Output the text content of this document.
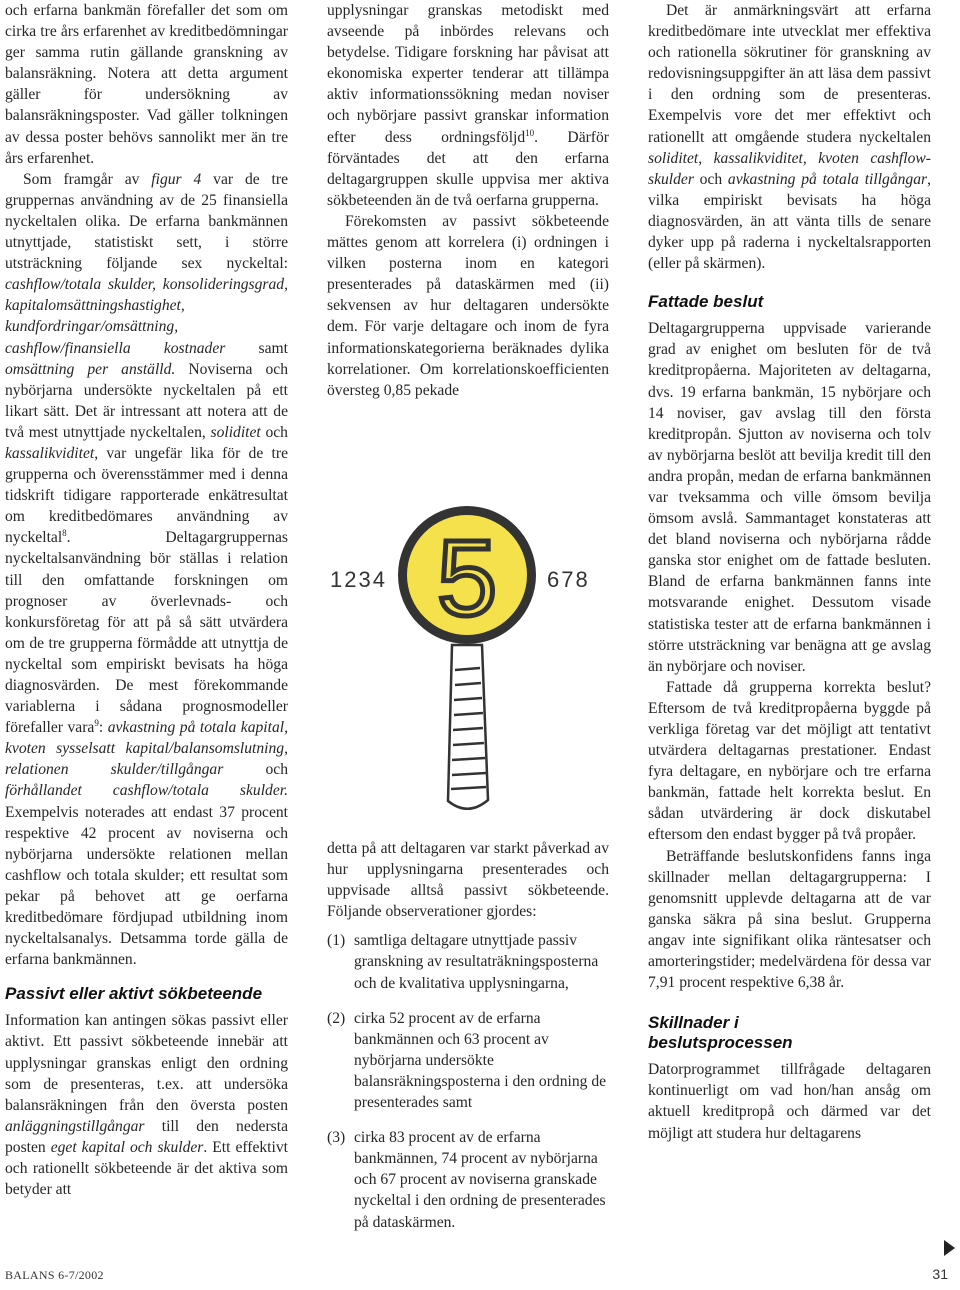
och erfarna bankmän förefaller det som om cirka tre års erfarenhet av kreditbedömningar ger samma rutin gällande granskning av balansräkning. Notera att detta argument gäller för undersökning av balansräkningsposter. Vad gäller tolkningen av dessa poster behövs sannolikt mer än tre års erfarenhet.

Som framgår av figur 4 var de tre gruppernas användning av de 25 finansiella nyckeltalen olika. De erfarna bankmännen utnyttjade, statistiskt sett, i större utsträckning följande sex nyckeltal: cashflow/totala skulder, konsolideringsgrad, kapitalomsättningshastighet, kundfordringar/omsättning, cashflow/finansiella kostnader samt omsättning per anställd. Noviserna och nybörjarna undersökte nyckeltalen på ett likart sätt. Det är intressant att notera att de två mest utnyttjade nyckeltalen, soliditet och kassalikviditet, var ungefär lika för de tre grupperna och överensstämmer med i denna tidskrift tidigare rapporterade enkätresultat om kreditbedömares användning av nyckeltal$^8$. Deltagargruppernas nyckeltalsanvändning bör ställas i relation till den omfattande forskningen om prognoser av överlevnads- och konkursföretag för att på så sätt utvärdera om de tre grupperna förmådde att utnyttja de nyckeltal som empiriskt bevisats ha höga diagnosvärden. De mest förekommande variablerna i sådana prognosmodeller förefaller vara$^9$: avkastning på totala kapital, kvoten sysselsatt kapital/balansomslutning, relationen skulder/tillgångar och förhållandet cashflow/totala skulder. Exempelvis noterades att endast 37 procent respektive 42 procent av noviserna och nybörjarna undersökte relationen mellan cashflow och totala skulder; ett resultat som pekar på behovet att ge oerfarna kreditbedömare fördjupad utbildning inom nyckeltalsanalys. Detsamma torde gälla de erfarna bankmännen.

Passivt eller aktivt sökbeteende

Information kan antingen sökas passivt eller aktivt. Ett passivt sökbeteende innebär att upplysningar granskas enligt den ordning som de presenteras, t.ex. att undersöka balansräkningen från den översta posten anläggningstillgångar till den nedersta posten eget kapital och skulder. Ett effektivt och rationellt sökbeteende är det aktiva som betyder att

upplysningar granskas metodiskt med avseende på inbördes relevans och betydelse. Tidigare forskning har påvisat att ekonomiska experter tenderar att tillämpa aktiv informationssökning medan noviser och nybörjare passivt granskar information efter dess ordningsföljd$^{10}$. Därför förväntades det att den erfarna deltagargruppen skulle uppvisa mer aktiva sökbeteenden än de två oerfarna grupperna.

Förekomsten av passivt sökbeteende mättes genom att korrelera (i) ordningen i vilken posterna inom en kategori presenterades på dataskärmen med (ii) sekvensen av hur deltagaren undersökte dem. För varje deltagare och inom de fyra informationskategorierna beräknades dylika korrelationer. Om korrelationskoefficienten översteg 0,85 pekade

1234 5 678

detta på att deltagaren var starkt påverkad av hur upplysningarna presenterades och uppvisade alltså passivt sökbeteende. Följande observerationer gjordes:

(1) samtliga deltagare utnyttjade passiv granskning av resultaträkningsposterna och de kvalitativa upplysningarna,
(2) cirka 52 procent av de erfarna bankmännen och 63 procent av nybörjarna undersökte balansräkningsposterna i den ordning de presenterades samt
(3) cirka 83 procent av de erfarna bankmännen, 74 procent av nybörjarna och 67 procent av noviserna granskade nyckeltal i den ordning de presenterades på dataskärmen.

Det är anmärkningsvärt att erfarna kreditbedömare inte utvecklat mer effektiva och rationella sökrutiner för granskning av redovisningsuppgifter än att läsa dem passivt i den ordning som de presenteras. Exempelvis vore det mer effektivt och rationellt att omgående studera nyckeltalen soliditet, kassalikviditet, kvoten cashflow-skulder och avkastning på totala tillgångar, vilka empiriskt bevisats ha höga diagnosvärden, än att vänta tills de senare dyker upp på raderna i nyckeltalsrapporten (eller på skärmen).

Fattade beslut

Deltagargrupperna uppvisade varierande grad av enighet om besluten för de två kreditpropåerna. Majoriteten av deltagarna, dvs. 19 erfarna bankmän, 15 nybörjare och 14 noviser, gav avslag till den första kreditpropån. Sjutton av noviserna och tolv av nybörjarna beslöt att bevilja kredit till den andra propån, medan de erfarna bankmännen var tveksamma och ville ömsom bevilja ömsom avslå. Sammantaget konstateras att det bland noviserna och nybörjarna rådde ganska stor enighet om de fattade besluten. Bland de erfarna bankmännen fanns inte motsvarande enighet. Dessutom visade statistiska tester att de erfarna bankmännen i större utsträckning var benägna att ge avslag än nybörjare och noviser.

Fattade då grupperna korrekta beslut? Eftersom de två kreditpropåerna byggde på verkliga företag var det möjligt att tentativt utvärdera deltagarnas prestationer. Endast fyra deltagare, en nybörjare och tre erfarna bankmän, fattade helt korrekta beslut. En sådan utvärdering är dock diskutabel eftersom den endast bygger på två propåer.

Beträffande beslutskonfidens fanns inga skillnader mellan deltagargrupperna: I genomsnitt upplevde deltagarna att de var ganska säkra på sina beslut. Grupperna angav inte signifikant olika räntesatser och amorteringstider; medelvärdena för dessa var 7,91 procent respektive 6,38 år.

Skillnader i beslutsprocessen

Datorprogrammet tillfrågade deltagaren kontinuerligt om vad hon/han ansåg om aktuell kreditpropå och därmed var det möjligt att studera hur deltagarens

BALANS 6-7/2002	31
